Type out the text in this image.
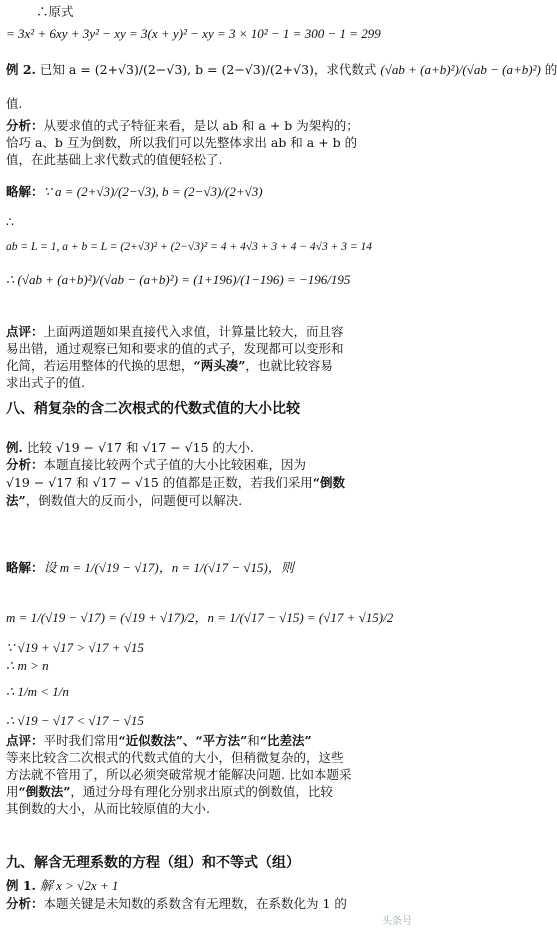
∴原式
= 3x² + 6xy + 3y² − xy = 3(x + y)² − xy = 3 × 10² − 1 = 300 − 1 = 299
例 2. 已知 a = (2+√3)/(2−√3), b = (2−√3)/(2+√3)，求代数式 (√ab + (a+b)²)/(√ab − (a+b)²) 的
值.
分析：从要求值的式子特征来看，是以 ab 和 a + b 为架构的；
恰巧 a、b 互为倒数，所以我们可以先整体求出 ab 和 a + b 的
值，在此基础上求代数式的值便轻松了.
略解：∵ a = (2+√3)/(2−√3), b = (2−√3)/(2+√3)
∴
ab = L = 1, a + b = L = (2+√3)² + (2−√3)² = 4 + 4√3 + 3 + 4 − 4√3 + 3 = 14
∴ (√ab + (a+b)²)/(√ab − (a+b)²) = (1+196)/(1−196) = −196/195
点评：上面两道题如果直接代入求值，计算量比较大，而且容
易出错，通过观察已知和要求的值的式子，发现都可以变形和
化简，若运用整体的代换的思想，“两头凑”，也就比较容易
求出式子的值.
八、稍复杂的含二次根式的代数式值的大小比较
例. 比较 √19 − √17 和 √17 − √15 的大小.
分析：本题直接比较两个式子值的大小比较困难，因为
√19 − √17 和 √17 − √15 的值都是正数，若我们采用“倒数
法”，倒数值大的反而小，问题便可以解决.
略解：设 m = 1/(√19 − √17)，n = 1/(√17 − √15)，则
m = 1/(√19 − √17) = (√19 + √17)/2，n = 1/(√17 − √15) = (√17 + √15)/2
∵ √19 + √17 > √17 + √15
∴ m > n
∴ 1/m < 1/n
∴ √19 − √17 < √17 − √15
点评：平时我们常用“近似数法”、“平方法”和“比差法”
等来比较含二次根式的代数式值的大小，但稍微复杂的，这些
方法就不管用了，所以必须突破常规才能解决问题. 比如本题采
用“倒数法”，通过分母有理化分别求出原式的倒数值，比较
其倒数的大小，从而比较原值的大小.
九、解含无理系数的方程（组）和不等式（组）
例 1. 解 x > √2x + 1
分析：本题关键是未知数的系数含有无理数，在系数化为 1 的
头条号
